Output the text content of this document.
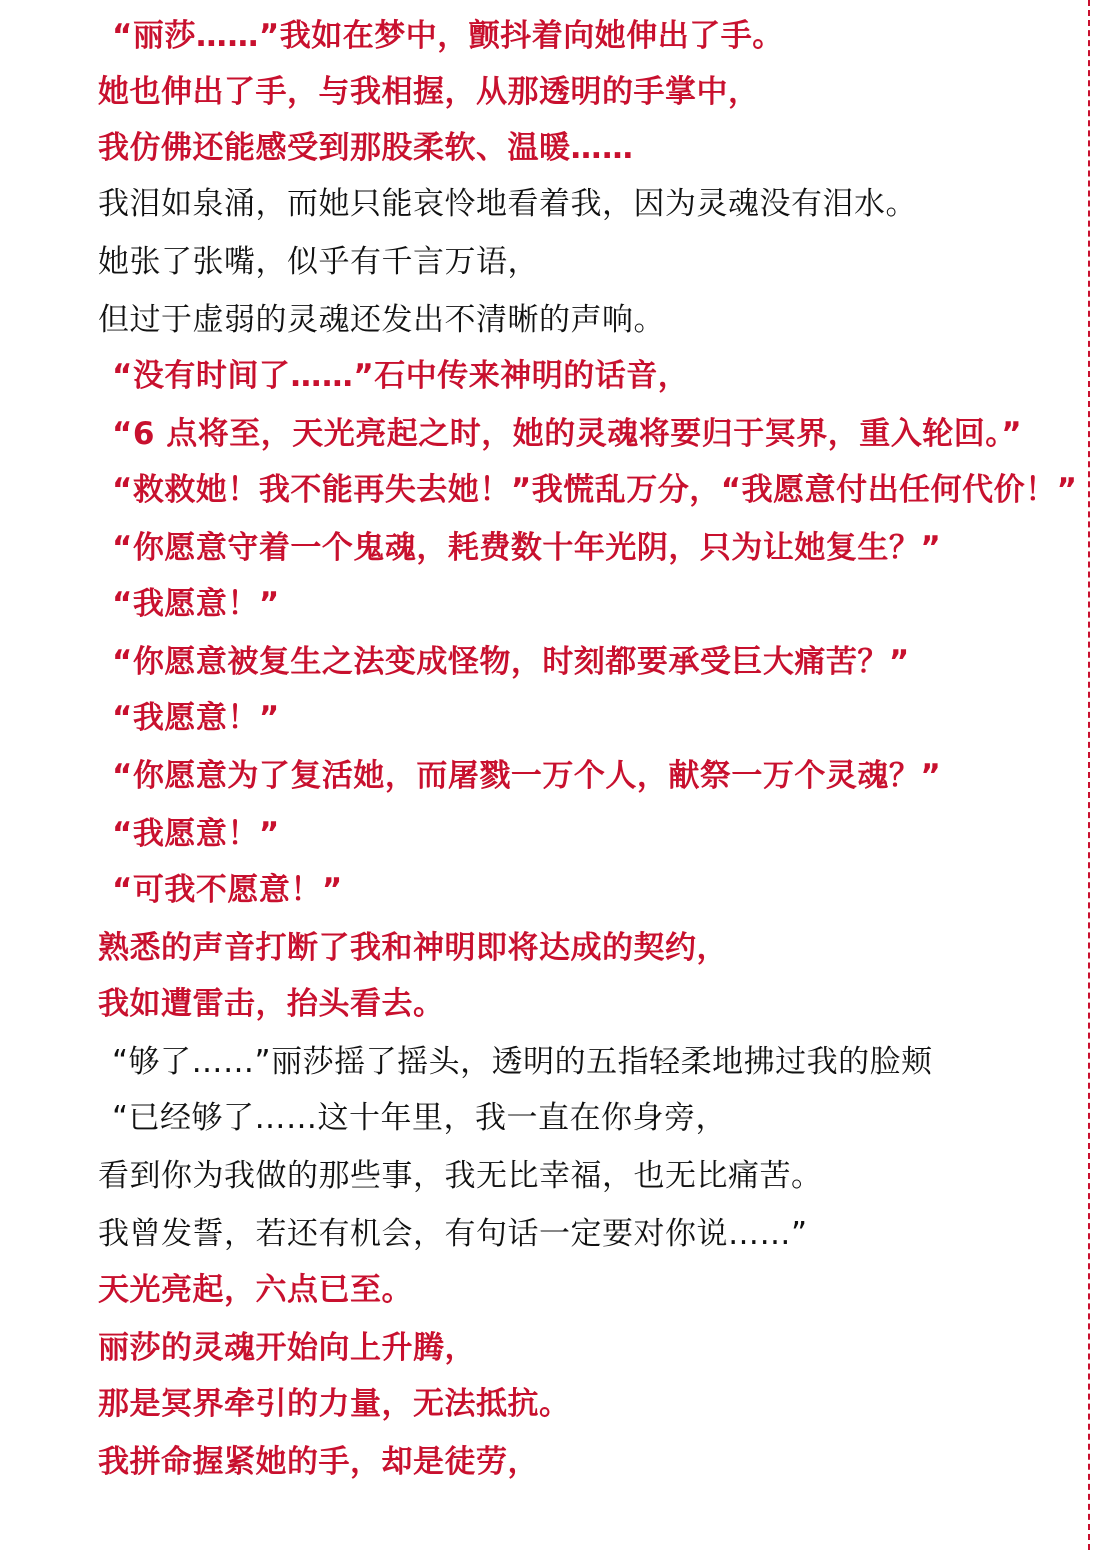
“丽莎……”我如在梦中，颤抖着向她伸出了手。
她也伸出了手，与我相握，从那透明的手掌中，
我仿佛还能感受到那股柔软、温暖……
我泪如泉涌，而她只能哀怜地看着我，因为灵魂没有泪水。
她张了张嘴，似乎有千言万语，
但过于虚弱的灵魂还发出不清晰的声响。
“没有时间了……”石中传来神明的话音，
“6 点将至，天光亮起之时，她的灵魂将要归于冥界，重入轮回。”
“救救她！我不能再失去她！”我慌乱万分，“我愿意付出任何代价！”
“你愿意守着一个鬼魂，耗费数十年光阴，只为让她复生？”
“我愿意！”
“你愿意被复生之法变成怪物，时刻都要承受巨大痛苦？”
“我愿意！”
“你愿意为了复活她，而屠戮一万个人，献祭一万个灵魂？”
“我愿意！”
“可我不愿意！”
熟悉的声音打断了我和神明即将达成的契约，
我如遭雷击，抬头看去。
“够了……”丽莎摇了摇头，透明的五指轻柔地拂过我的脸颊
“已经够了……这十年里，我一直在你身旁，
看到你为我做的那些事，我无比幸福，也无比痛苦。
我曾发誓，若还有机会，有句话一定要对你说……”
天光亮起，六点已至。
丽莎的灵魂开始向上升腾，
那是冥界牵引的力量，无法抵抗。
我拼命握紧她的手，却是徒劳，
